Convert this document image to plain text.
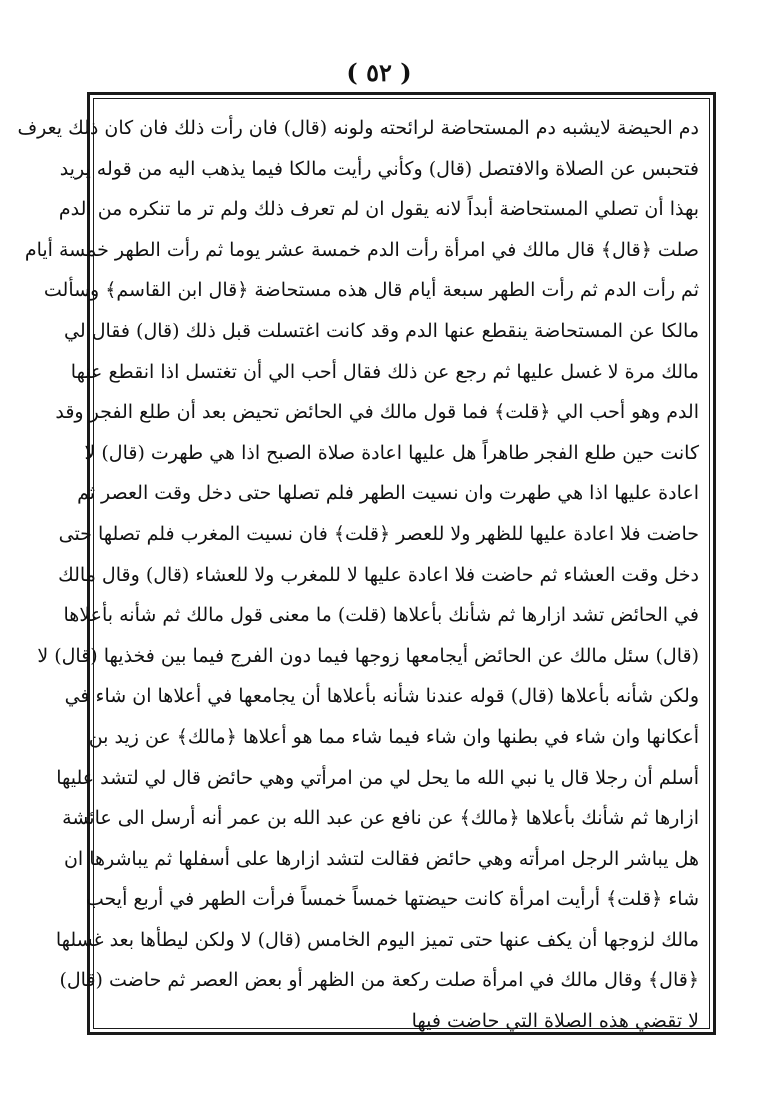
( ٥٢ )
دم الحيضة لايشبه دم المستحاضة لرائحته ولونه (قال) فان رأت ذلك فان كان ذلك يعرف
فتحبس عن الصلاة والافتصل (قال) وكأني رأيت مالكا فيما يذهب اليه من قوله يريد
بهذا أن تصلي المستحاضة أبداً لانه يقول ان لم تعرف ذلك ولم تر ما تنكره من الدم
صلت ﴿قال﴾ قال مالك في امرأة رأت الدم خمسة عشر يوما ثم رأت الطهر خمسة أيام
ثم رأت الدم ثم رأت الطهر سبعة أيام قال هذه مستحاضة ﴿قال ابن القاسم﴾ وسألت
مالكا عن المستحاضة ينقطع عنها الدم وقد كانت اغتسلت قبل ذلك (قال) فقال لي
مالك مرة لا غسل عليها ثم رجع عن ذلك فقال أحب الي أن تغتسل اذا انقطع عنها
الدم وهو أحب الي ﴿قلت﴾ فما قول مالك في الحائض تحيض بعد أن طلع الفجر وقد
كانت حين طلع الفجر طاهراً هل عليها اعادة صلاة الصبح اذا هي طهرت (قال) لا
اعادة عليها اذا هي طهرت وان نسيت الطهر فلم تصلها حتى دخل وقت العصر ثم
حاضت فلا اعادة عليها للظهر ولا للعصر ﴿قلت﴾ فان نسيت المغرب فلم تصلها حتى
دخل وقت العشاء ثم حاضت فلا اعادة عليها لا للمغرب ولا للعشاء (قال) وقال مالك
في الحائض تشد ازارها ثم شأنك بأعلاها (قلت) ما معنى قول مالك ثم شأنه بأعلاها
(قال) سئل مالك عن الحائض أيجامعها زوجها فيما دون الفرج فيما بين فخذيها (قال) لا
ولكن شأنه بأعلاها (قال) قوله عندنا شأنه بأعلاها أن يجامعها في أعلاها ان شاء في
أعكانها وان شاء في بطنها وان شاء فيما شاء مما هو أعلاها ﴿مالك﴾ عن زيد بن
أسلم أن رجلا قال يا نبي الله ما يحل لي من امرأتي وهي حائض قال لي لتشد عليها
ازارها ثم شأنك بأعلاها ﴿مالك﴾ عن نافع عن عبد الله بن عمر أنه أرسل الى عائشة
هل يباشر الرجل امرأته وهي حائض فقالت لتشد ازارها على أسفلها ثم يباشرها ان
شاء ﴿قلت﴾ أرأيت امرأة كانت حيضتها خمساً خمساً فرأت الطهر في أربع أيحب
مالك لزوجها أن يكف عنها حتى تميز اليوم الخامس (قال) لا ولكن ليطأها بعد غسلها
﴿قال﴾ وقال مالك في امرأة صلت ركعة من الظهر أو بعض العصر ثم حاضت (قال)
لا تقضي هذه الصلاة التي حاضت فيها
